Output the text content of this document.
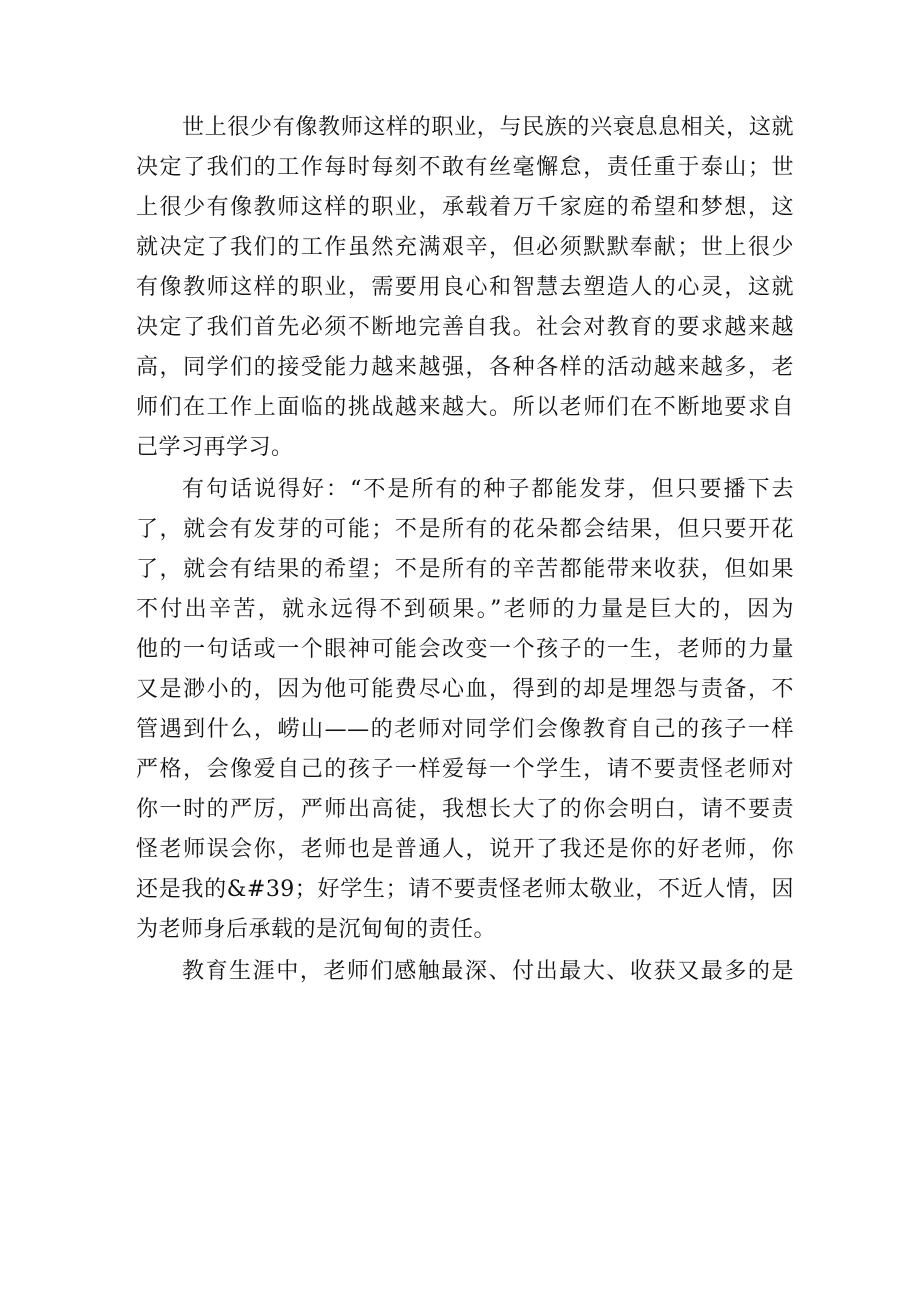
世上很少有像教师这样的职业，与民族的兴衰息息相关，这就
决定了我们的工作每时每刻不敢有丝毫懈怠，责任重于泰山；世
上很少有像教师这样的职业，承载着万千家庭的希望和梦想，这
就决定了我们的工作虽然充满艰辛，但必须默默奉献；世上很少
有像教师这样的职业，需要用良心和智慧去塑造人的心灵，这就
决定了我们首先必须不断地完善自我。社会对教育的要求越来越
高，同学们的接受能力越来越强，各种各样的活动越来越多，老
师们在工作上面临的挑战越来越大。所以老师们在不断地要求自
己学习再学习。
有句话说得好：“不是所有的种子都能发芽，但只要播下去
了，就会有发芽的可能；不是所有的花朵都会结果，但只要开花
了，就会有结果的希望；不是所有的辛苦都能带来收获，但如果
不付出辛苦，就永远得不到硕果。”老师的力量是巨大的，因为
他的一句话或一个眼神可能会改变一个孩子的一生，老师的力量
又是渺小的，因为他可能费尽心血，得到的却是埋怨与责备，不
管遇到什么，崂山——的老师对同学们会像教育自己的孩子一样
严格，会像爱自己的孩子一样爱每一个学生，请不要责怪老师对
你一时的严厉，严师出高徒，我想长大了的你会明白，请不要责
怪老师误会你，老师也是普通人，说开了我还是你的好老师，你
还是我的&#39；好学生；请不要责怪老师太敬业，不近人情，因
为老师身后承载的是沉甸甸的责任。
教育生涯中，老师们感触最深、付出最大、收获又最多的是
